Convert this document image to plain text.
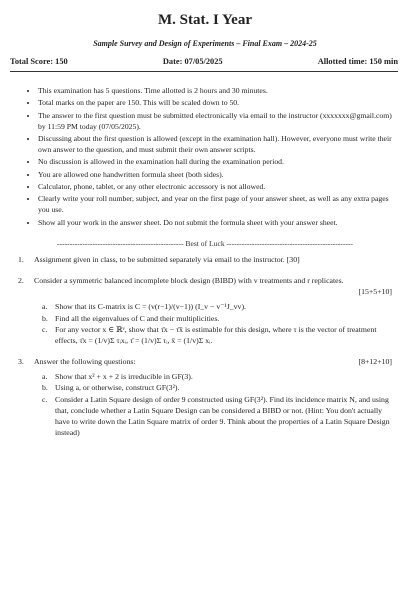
M. Stat. I Year
Sample Survey and Design of Experiments – Final Exam – 2024-25
Total Score: 150	Date: 07/05/2025	Allotted time: 150 min
• This examination has 5 questions. Time allotted is 2 hours and 30 minutes.
• Total marks on the paper are 150. This will be scaled down to 50.
• The answer to the first question must be submitted electronically via email to the instructor (xxxxxxx@gmail.com) by 11:59 PM today (07/05/2025).
• Discussing about the first question is allowed (except in the examination hall). However, everyone must write their own answer to the question, and must submit their own answer scripts.
• No discussion is allowed in the examination hall during the examination period.
• You are allowed one handwritten formula sheet (both sides).
• Calculator, phone, tablet, or any other electronic accessory is not allowed.
• Clearly write your roll number, subject, and year on the first page of your answer sheet, as well as any extra pages you use.
• Show all your work in the answer sheet. Do not submit the formula sheet with your answer sheet.
-------------------------------------------------- Best of Luck --------------------------------------------------
1.	Assignment given in class, to be submitted separately via email to the instructor. [30]
2.	Consider a symmetric balanced incomplete block design (BIBD) with v treatments and r replicates.
[15+5+10]
a. Show that its C-matrix is C = (v(r−1)/(v−1)) (I_v − v⁻¹J_vv).
b. Find all the eigenvalues of C and their multiplicities.
c. For any vector x ∈ ℝᵛ, show that τ̄x − τ̄x̄ is estimable for this design, where τ is the vector of treatment effects, τ̄x = (1/v)Σ τᵢxᵢ, τ̄ = (1/v)Σ τᵢ, x̄ = (1/v)Σ xᵢ.
3.	Answer the following questions:	[8+12+10]
a. Show that x² + x + 2 is irreducible in GF(3).
b. Using a, or otherwise, construct GF(3²).
c. Consider a Latin Square design of order 9 constructed using GF(3²). Find its incidence matrix N, and using that, conclude whether a Latin Square Design can be considered a BIBD or not. (Hint: You don't actually have to write down the Latin Square matrix of order 9. Think about the properties of a Latin Square Design instead)
